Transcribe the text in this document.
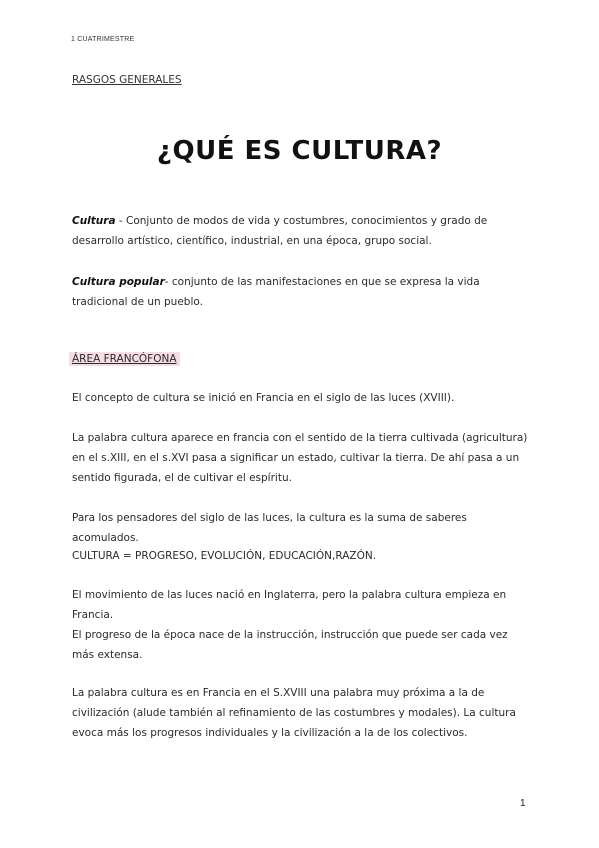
1 CUATRIMESTRE
RASGOS GENERALES
¿QUÉ ES CULTURA?
Cultura - Conjunto de modos de vida y costumbres, conocimientos y grado de desarrollo artístico, científico, industrial, en una época, grupo social.
Cultura popular- conjunto de las manifestaciones en que se expresa la vida tradicional de un pueblo.
ÁREA FRANCÓFONA
El concepto de cultura se inició en Francia en el siglo de las luces (XVIII).
La palabra cultura aparece en francia con el sentido de la tierra cultivada (agricultura) en el s.XIII, en el s.XVI pasa a significar un estado, cultivar la tierra. De ahí pasa a un sentido figurada, el de cultivar el espíritu.
Para los pensadores del siglo de las luces, la cultura es la suma de saberes acomulados.
CULTURA = PROGRESO, EVOLUCIÓN, EDUCACIÓN,RAZÓN.
El movimiento de las luces nació en Inglaterra, pero la palabra cultura empieza en Francia.
El progreso de la época nace de la instrucción, instrucción que puede ser cada vez más extensa.
La palabra cultura es en Francia en el S.XVIII una palabra muy próxima a la de civilización (alude también al refinamiento de las costumbres y modales). La cultura evoca más los progresos individuales y la civilización a la de los colectivos.
1
